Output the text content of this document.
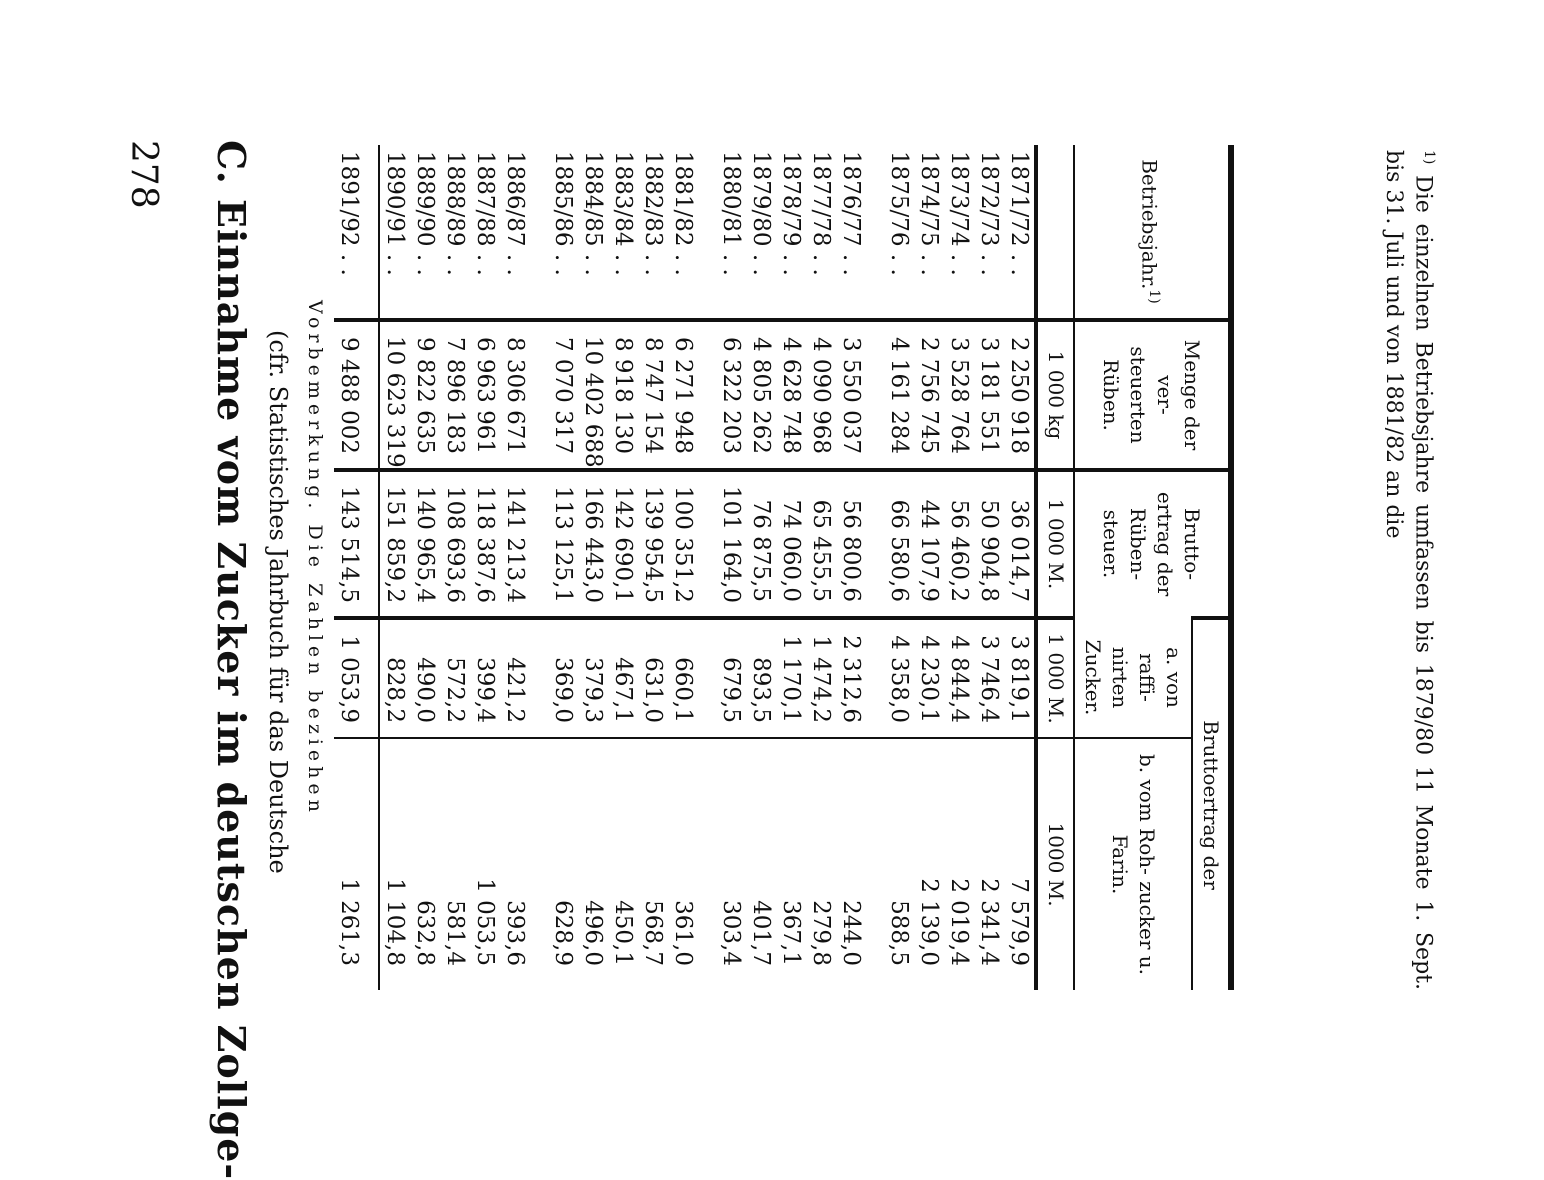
278 C. Einnahme vom Zucker im deutschen Zollge- (cfr. Statistisches Jahrbuch für das Deutsche Vorbemerkung. Die Zahlen beziehen
Betriebsjahr.$^{1)}$	Menge der ver- steuerten Rüben.	Brutto- ertrag der Rüben- steuer.	Bruttoertrag der	
			a. von raffi- nirten Zucker.	b. vom Roh- zucker u. Farin.
	1 000 kg	1 000 M.	1 000 M.	1000 M.
1871/72 . .	2 250 918	36 014,7	3 819,1	7 579,9
1872/73 . .	3 181 551	50 904,8	3 746,4	2 341,4
1873/74 . .	3 528 764	56 460,2	4 844,4	2 019,4
1874/75 . .	2 756 745	44 107,9	4 230,1	2 139,0
1875/76 . .	4 161 284	66 580,6	4 358,0	588,5

1876/77 . .	3 550 037	56 800,6	2 312,6	244,0
1877/78 . .	4 090 968	65 455,5	1 474,2	279,8
1878/79 . .	4 628 748	74 060,0	1 170,1	367,1
1879/80 . .	4 805 262	76 875,5	893,5	401,7
1880/81 . .	6 322 203	101 164,0	679,5	303,4

1881/82 . .	6 271 948	100 351,2	660,1	361,0
1882/83 . .	8 747 154	139 954,5	631,0	568,7
1883/84 . .	8 918 130	142 690,1	467,1	450,1
1884/85 . .	10 402 688	166 443,0	379,3	496,0
1885/86 . .	7 070 317	113 125,1	369,0	628,9

1886/87 . .	8 306 671	141 213,4	421,2	393,6
1887/88 . .	6 963 961	118 387,6	399,4	1 053,5
1888/89 . .	7 896 183	108 693,6	572,2	581,4
1889/90 . .	9 822 635	140 965,4	490,0	632,8
1890/91 . .	10 623 319	151 859,2	828,2	1 104,8
1891/92 . .	9 488 002	143 514,5	1 053,9	1 261,3
$^{1)}$ Die einzelnen Betriebsjahre umfassen bis 1879/80 11 Monate 1. Sept. bis 31. Juli und von 1881/82 an die
